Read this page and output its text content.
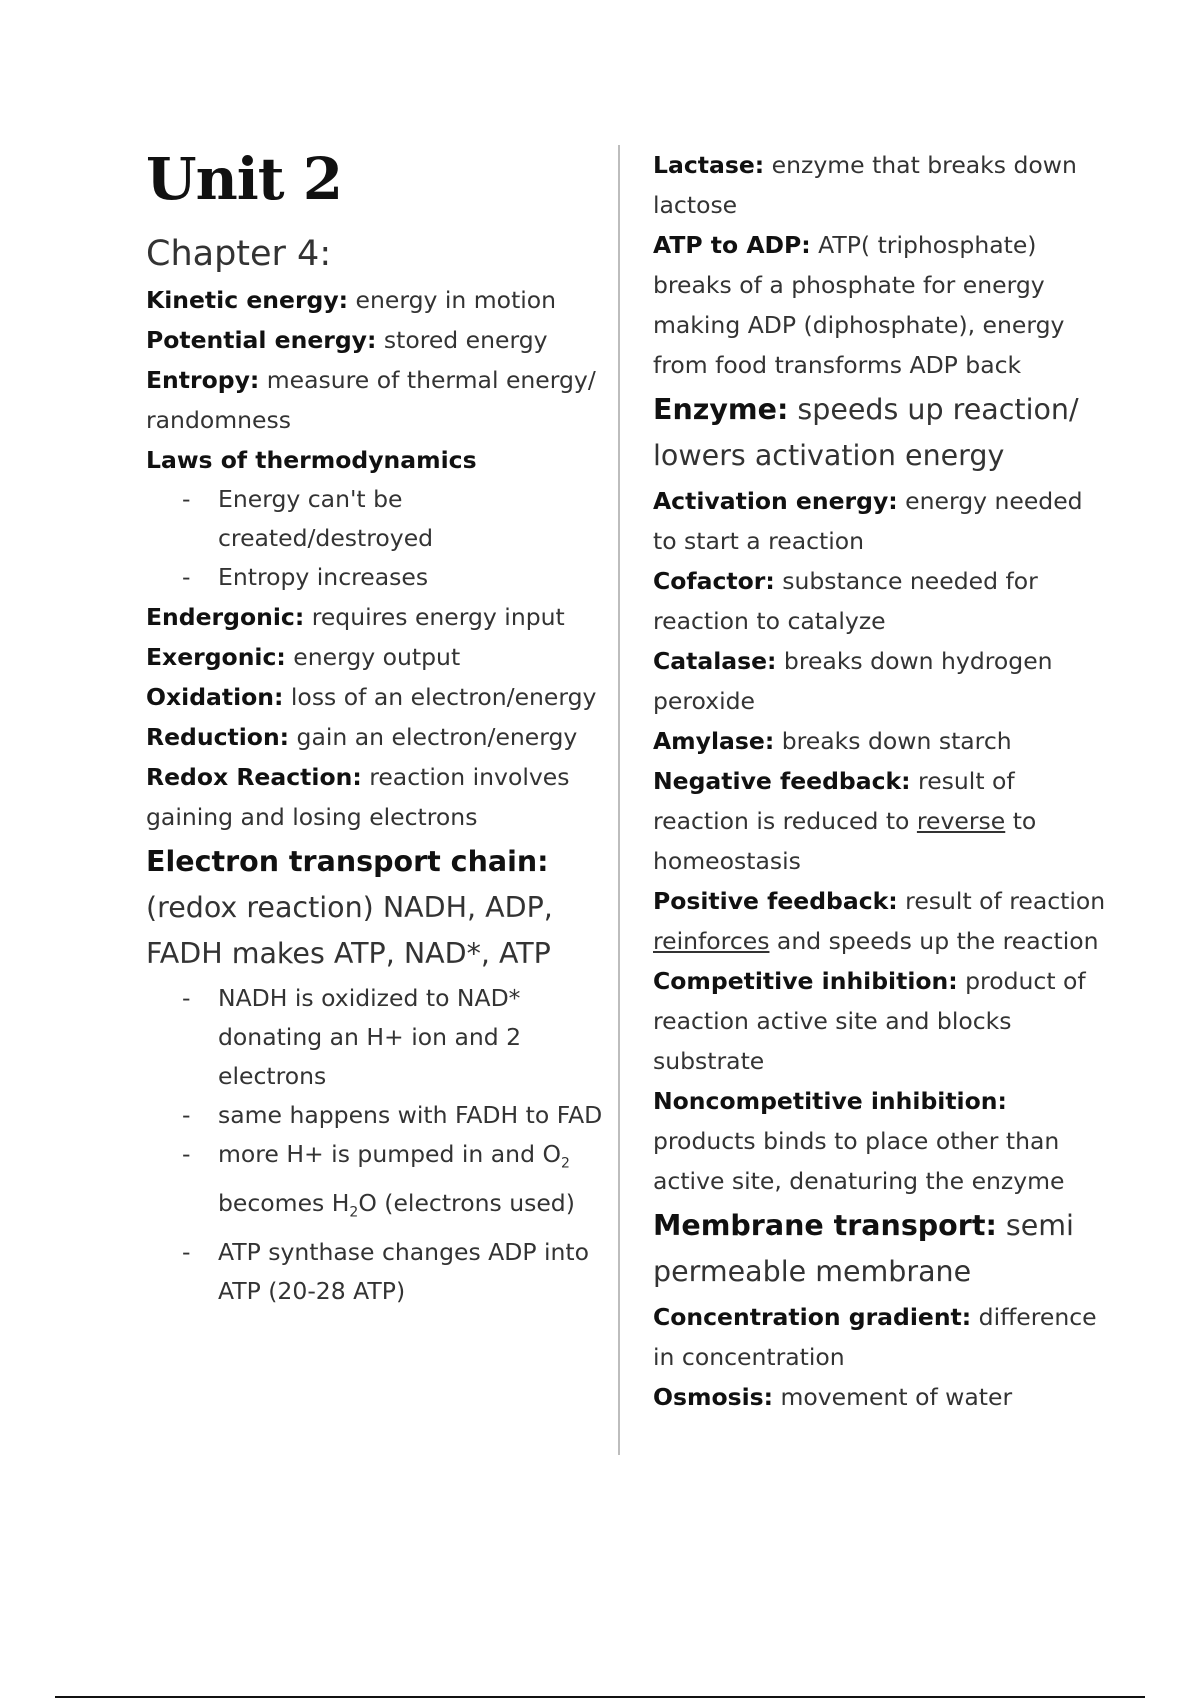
Unit 2
Chapter 4:
Kinetic energy: energy in motion
Potential energy: stored energy
Entropy: measure of thermal energy/ randomness
Laws of thermodynamics
- Energy can't be created/destroyed
- Entropy increases
Endergonic: requires energy input
Exergonic: energy output
Oxidation: loss of an electron/energy
Reduction: gain an electron/energy
Redox Reaction: reaction involves gaining and losing electrons
Electron transport chain: (redox reaction) NADH, ADP, FADH makes ATP, NAD*, ATP
- NADH is oxidized to NAD* donating an H+ ion and 2 electrons
- same happens with FADH to FAD
- more H+ is pumped in and $O_2$ becomes $H_2O$ (electrons used)
- ATP synthase changes ADP into ATP (20-28 ATP)
Lactase: enzyme that breaks down lactose
ATP to ADP: ATP( triphosphate) breaks of a phosphate for energy making ADP (diphosphate), energy from food transforms ADP back
Enzyme: speeds up reaction/ lowers activation energy
Activation energy: energy needed to start a reaction
Cofactor: substance needed for reaction to catalyze
Catalase: breaks down hydrogen peroxide
Amylase: breaks down starch
Negative feedback: result of reaction is reduced to reverse to homeostasis
Positive feedback: result of reaction reinforces and speeds up the reaction
Competitive inhibition: product of reaction active site and blocks substrate
Noncompetitive inhibition: products binds to place other than active site, denaturing the enzyme
Membrane transport: semi permeable membrane
Concentration gradient: difference in concentration
Osmosis: movement of water
